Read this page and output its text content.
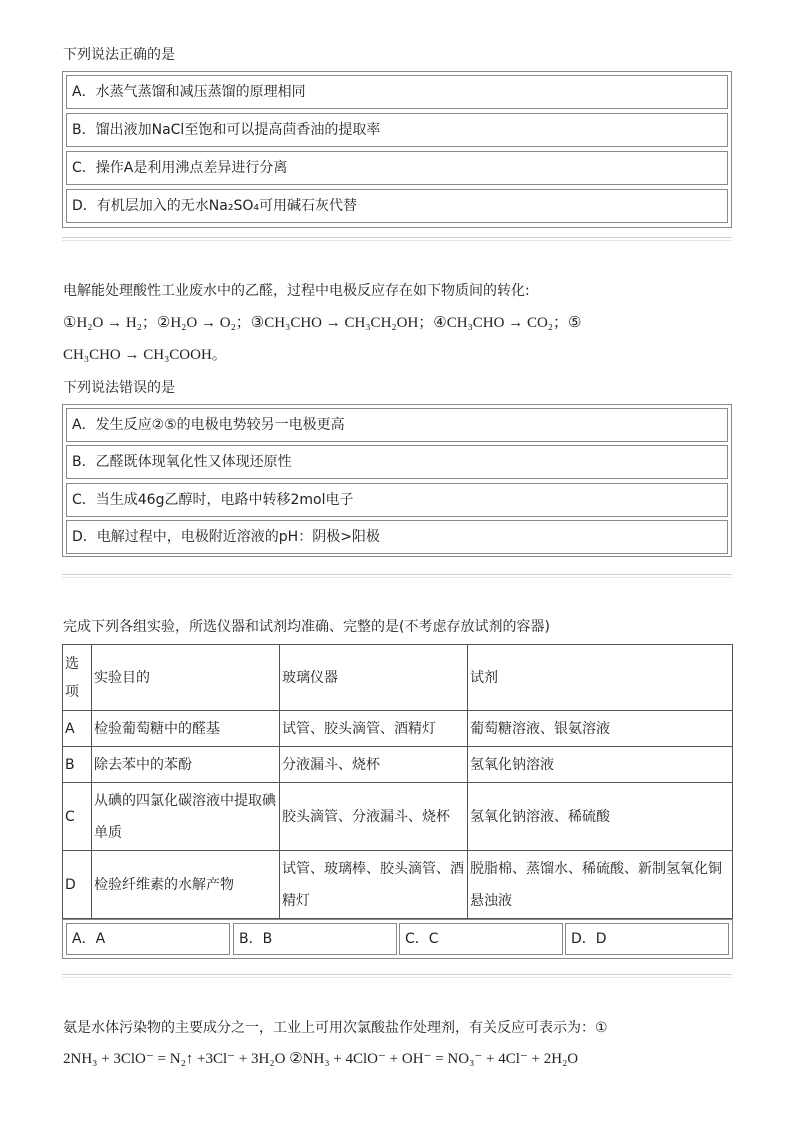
下列说法正确的是
A．水蒸气蒸馏和减压蒸馏的原理相同
B．馏出液加NaCl至饱和可以提高茴香油的提取率
C．操作A是利用沸点差异进行分离
D．有机层加入的无水Na₂SO₄可用碱石灰代替
电解能处理酸性工业废水中的乙醛，过程中电极反应存在如下物质间的转化:
①H₂O → H₂；②H₂O → O₂；③CH₃CHO → CH₃CH₂OH；④CH₃CHO → CO₂；⑤
CH₃CHO → CH₃COOH。
下列说法错误的是
A．发生反应②⑤的电极电势较另一电极更高
B．乙醛既体现氧化性又体现还原性
C．当生成46g乙醇时，电路中转移2mol电子
D．电解过程中，电极附近溶液的pH：阴极>阳极
完成下列各组实验，所选仪器和试剂均准确、完整的是(不考虑存放试剂的容器)
选项	实验目的	玻璃仪器	试剂
A	检验葡萄糖中的醛基	试管、胶头滴管、酒精灯	葡萄糖溶液、银氨溶液
B	除去苯中的苯酚	分液漏斗、烧杯	氢氧化钠溶液
C	从碘的四氯化碳溶液中提取碘单质	胶头滴管、分液漏斗、烧杯	氢氧化钠溶液、稀硫酸
D	检验纤维素的水解产物	试管、玻璃棒、胶头滴管、酒精灯	脱脂棉、蒸馏水、稀硫酸、新制氢氧化铜悬浊液
A．A	B．B	C．C	D．D
氨是水体污染物的主要成分之一，工业上可用次氯酸盐作处理剂，有关反应可表示为：①
2NH₃ + 3ClO⁻ = N₂↑ +3Cl⁻ + 3H₂O ②NH₃ + 4ClO⁻ + OH⁻ = NO₃⁻ + 4Cl⁻ + 2H₂O
